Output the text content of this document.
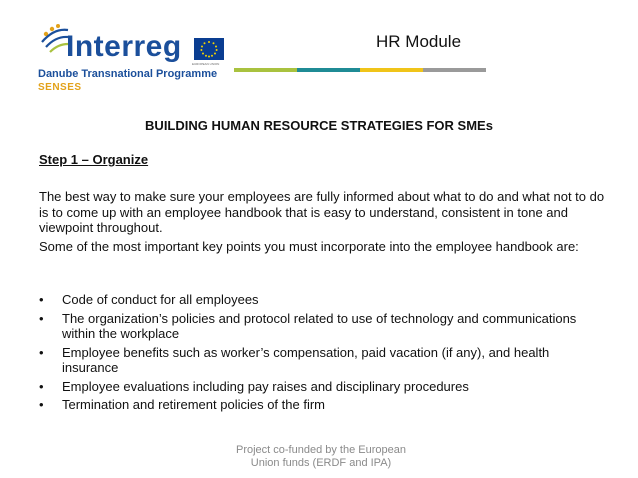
Interreg
EUROPEAN UNION
Danube Transnational Programme
SENSES
HR Module
BUILDING HUMAN RESOURCE STRATEGIES FOR SMEs
Step 1 – Organize

The best way to make sure your employees are fully informed about what to do and what not to do is to come up with an employee handbook that is easy to understand, consistent in tone and viewpoint throughout.

Some of the most important key points you must incorporate into the employee handbook are:

• Code of conduct for all employees
• The organization’s policies and protocol related to use of technology and communications within the workplace
• Employee benefits such as worker’s compensation, paid vacation (if any), and health insurance
• Employee evaluations including pay raises and disciplinary procedures
• Termination and retirement policies of the firm
Project co-funded by the European Union funds (ERDF and IPA)
